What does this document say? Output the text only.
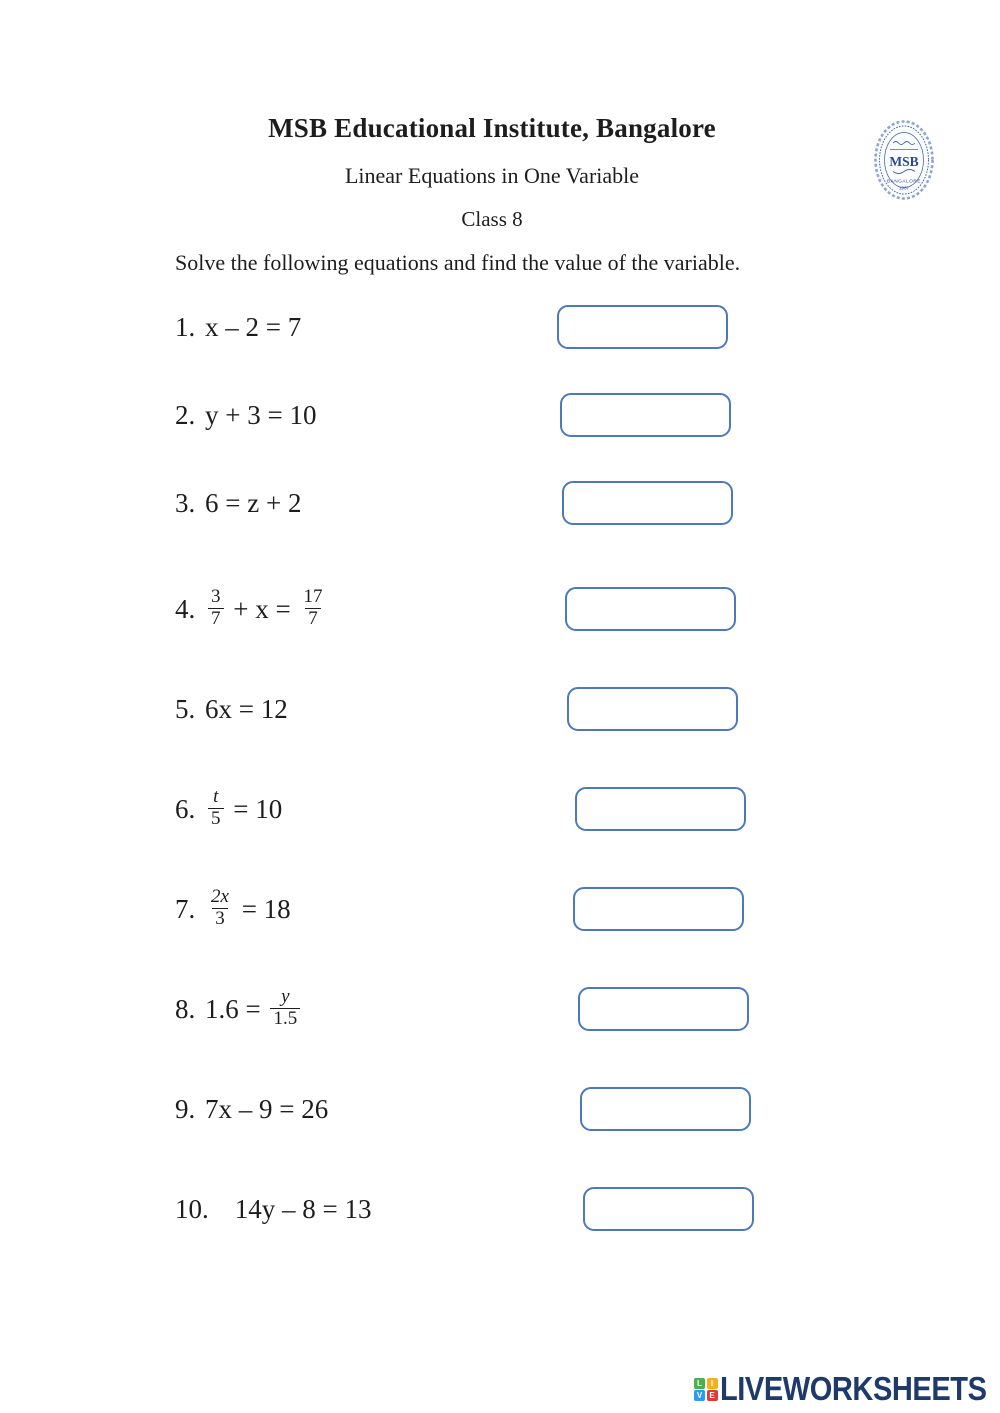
MSB Educational Institute, Bangalore
Linear Equations in One Variable
Class 8
Solve the following equations and find the value of the variable.
MSB
BANGALORE
1967
1. x – 2 = 7
2. y + 3 = 10
3. 6 = z + 2
4. $\frac{3}{7} + x = \frac{17}{7}$
5. 6x = 12
6. $\frac{t}{5} = 10$
7. $\frac{2x}{3} = 18$
8. $1.6 = \frac{y}{1.5}$
9. 7x – 9 = 26
10. 14y – 8 = 13
L	I
V E LIVEWORKSHEETS
